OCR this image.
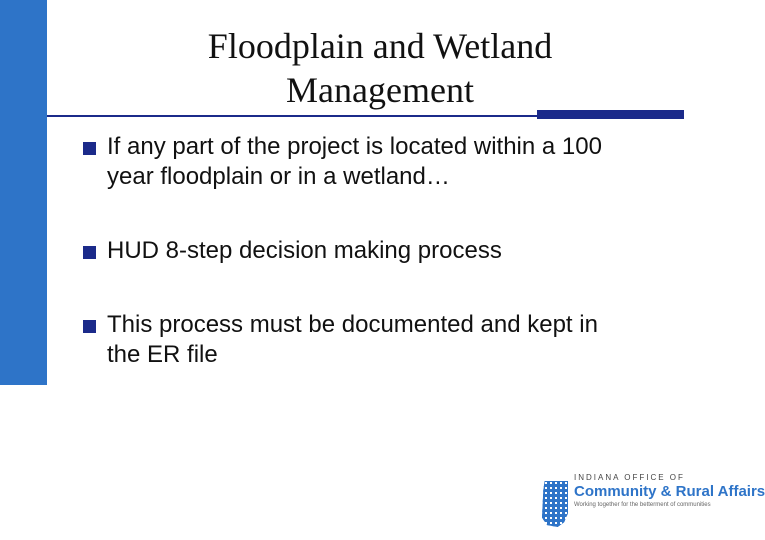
Floodplain and Wetland
Management
If any part of the project is located within a 100
year floodplain or in a wetland…
HUD 8-step decision making process
This process must be documented and kept in
the ER file
INDIANA OFFICE OF
Community & Rural Affairs
Working together for the betterment of communities
